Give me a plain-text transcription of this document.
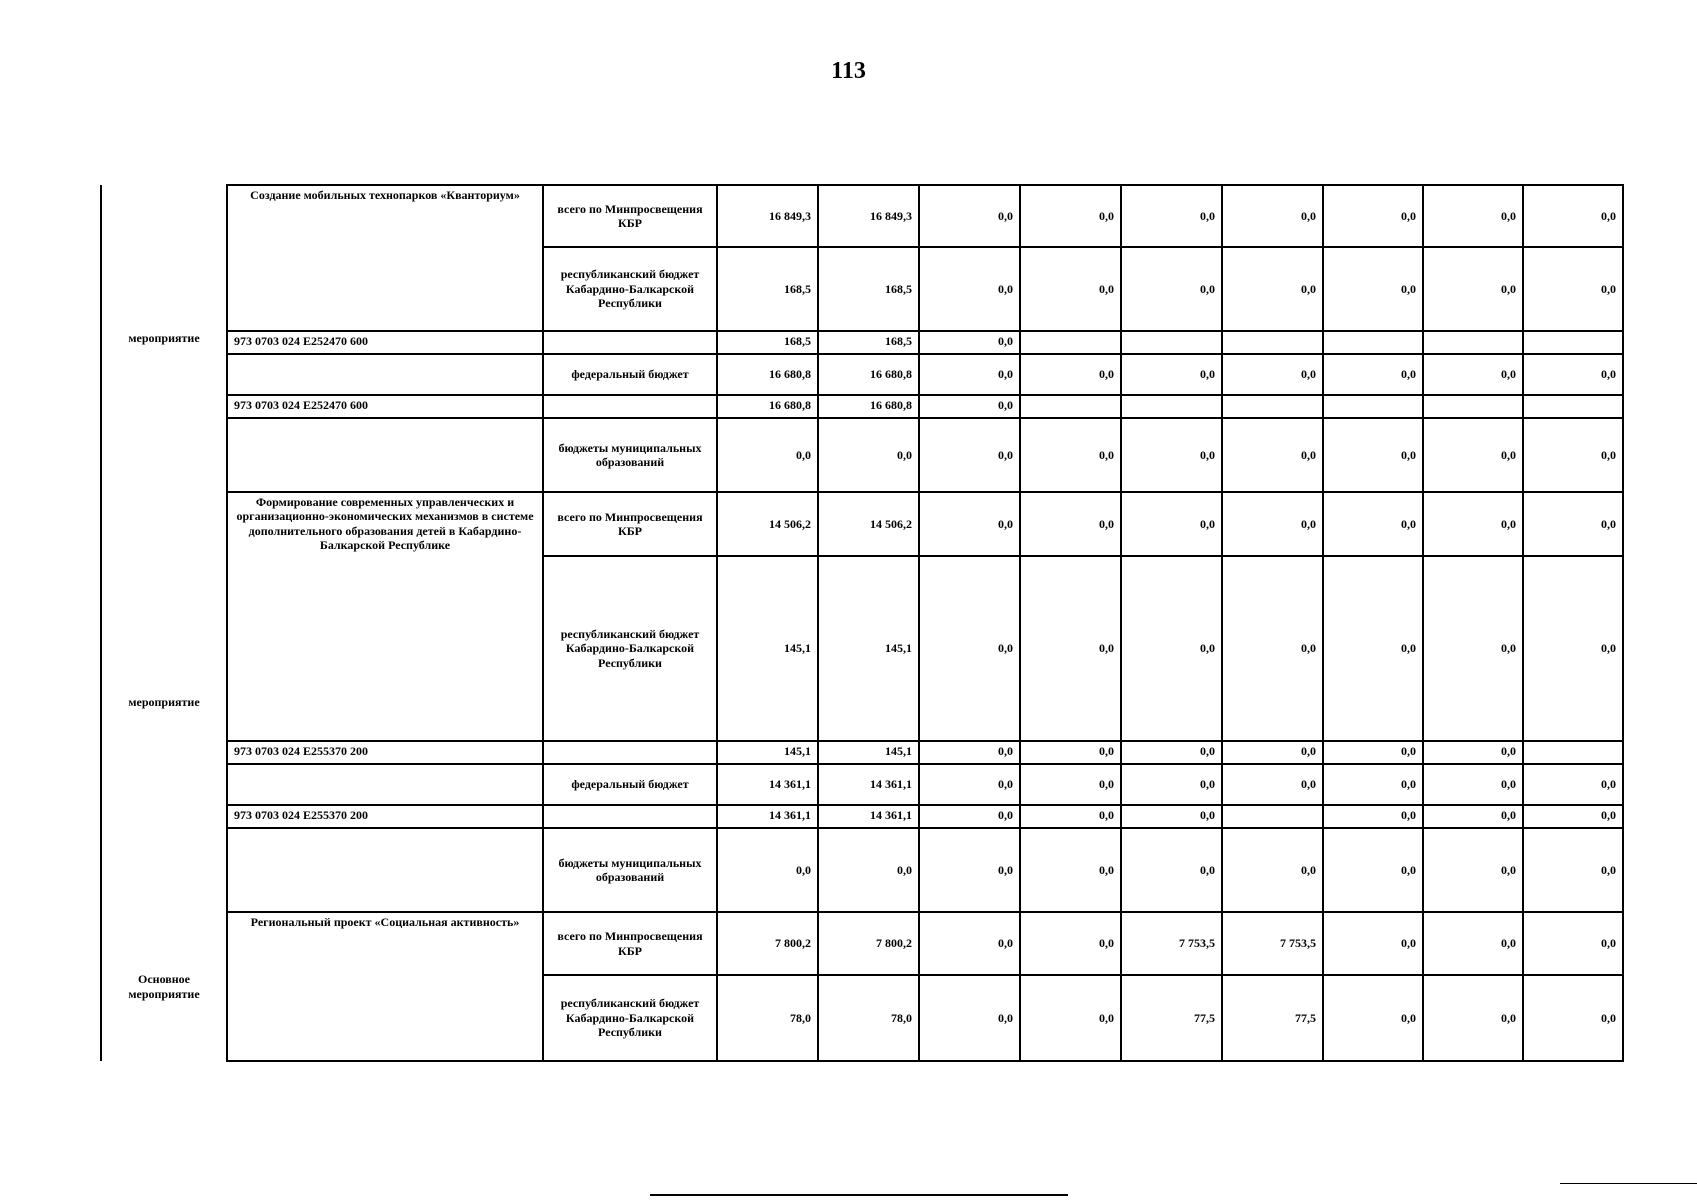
113
мероприятие	Создание мобильных технопарков «Кванториум»	всего по Минпросвещения КБР	16 849,3	16 849,3	0,0	0,0	0,0	0,0	0,0	0,0	0,0
		республиканский бюджет Кабардино-Балкарской Республики	168,5	168,5	0,0	0,0	0,0	0,0	0,0	0,0	0,0
	973 0703 024 E252470 600		168,5	168,5	0,0						
		федеральный бюджет	16 680,8	16 680,8	0,0	0,0	0,0	0,0	0,0	0,0	0,0
	973 0703 024 E252470 600		16 680,8	16 680,8	0,0						
		бюджеты муниципальных образований	0,0	0,0	0,0	0,0	0,0	0,0	0,0	0,0	0,0
мероприятие	Формирование современных управленческих и организационно-экономических механизмов в системе дополнительного образования детей в Кабардино-Балкарской Республике	всего по Минпросвещения КБР	14 506,2	14 506,2	0,0	0,0	0,0	0,0	0,0	0,0	0,0
		республиканский бюджет Кабардино-Балкарской Республики	145,1	145,1	0,0	0,0	0,0	0,0	0,0	0,0	0,0
	973 0703 024 E255370 200		145,1	145,1	0,0	0,0	0,0	0,0	0,0	0,0	
		федеральный бюджет	14 361,1	14 361,1	0,0	0,0	0,0	0,0	0,0	0,0	0,0
	973 0703 024 E255370 200		14 361,1	14 361,1	0,0	0,0	0,0		0,0	0,0	0,0
		бюджеты муниципальных образований	0,0	0,0	0,0	0,0	0,0	0,0	0,0	0,0	0,0
Основное мероприятие	Региональный проект «Социальная активность»	всего по Минпросвещения КБР	7 800,2	7 800,2	0,0	0,0	7 753,5	7 753,5	0,0	0,0	0,0
		республиканский бюджет Кабардино-Балкарской Республики	78,0	78,0	0,0	0,0	77,5	77,5	0,0	0,0	0,0
